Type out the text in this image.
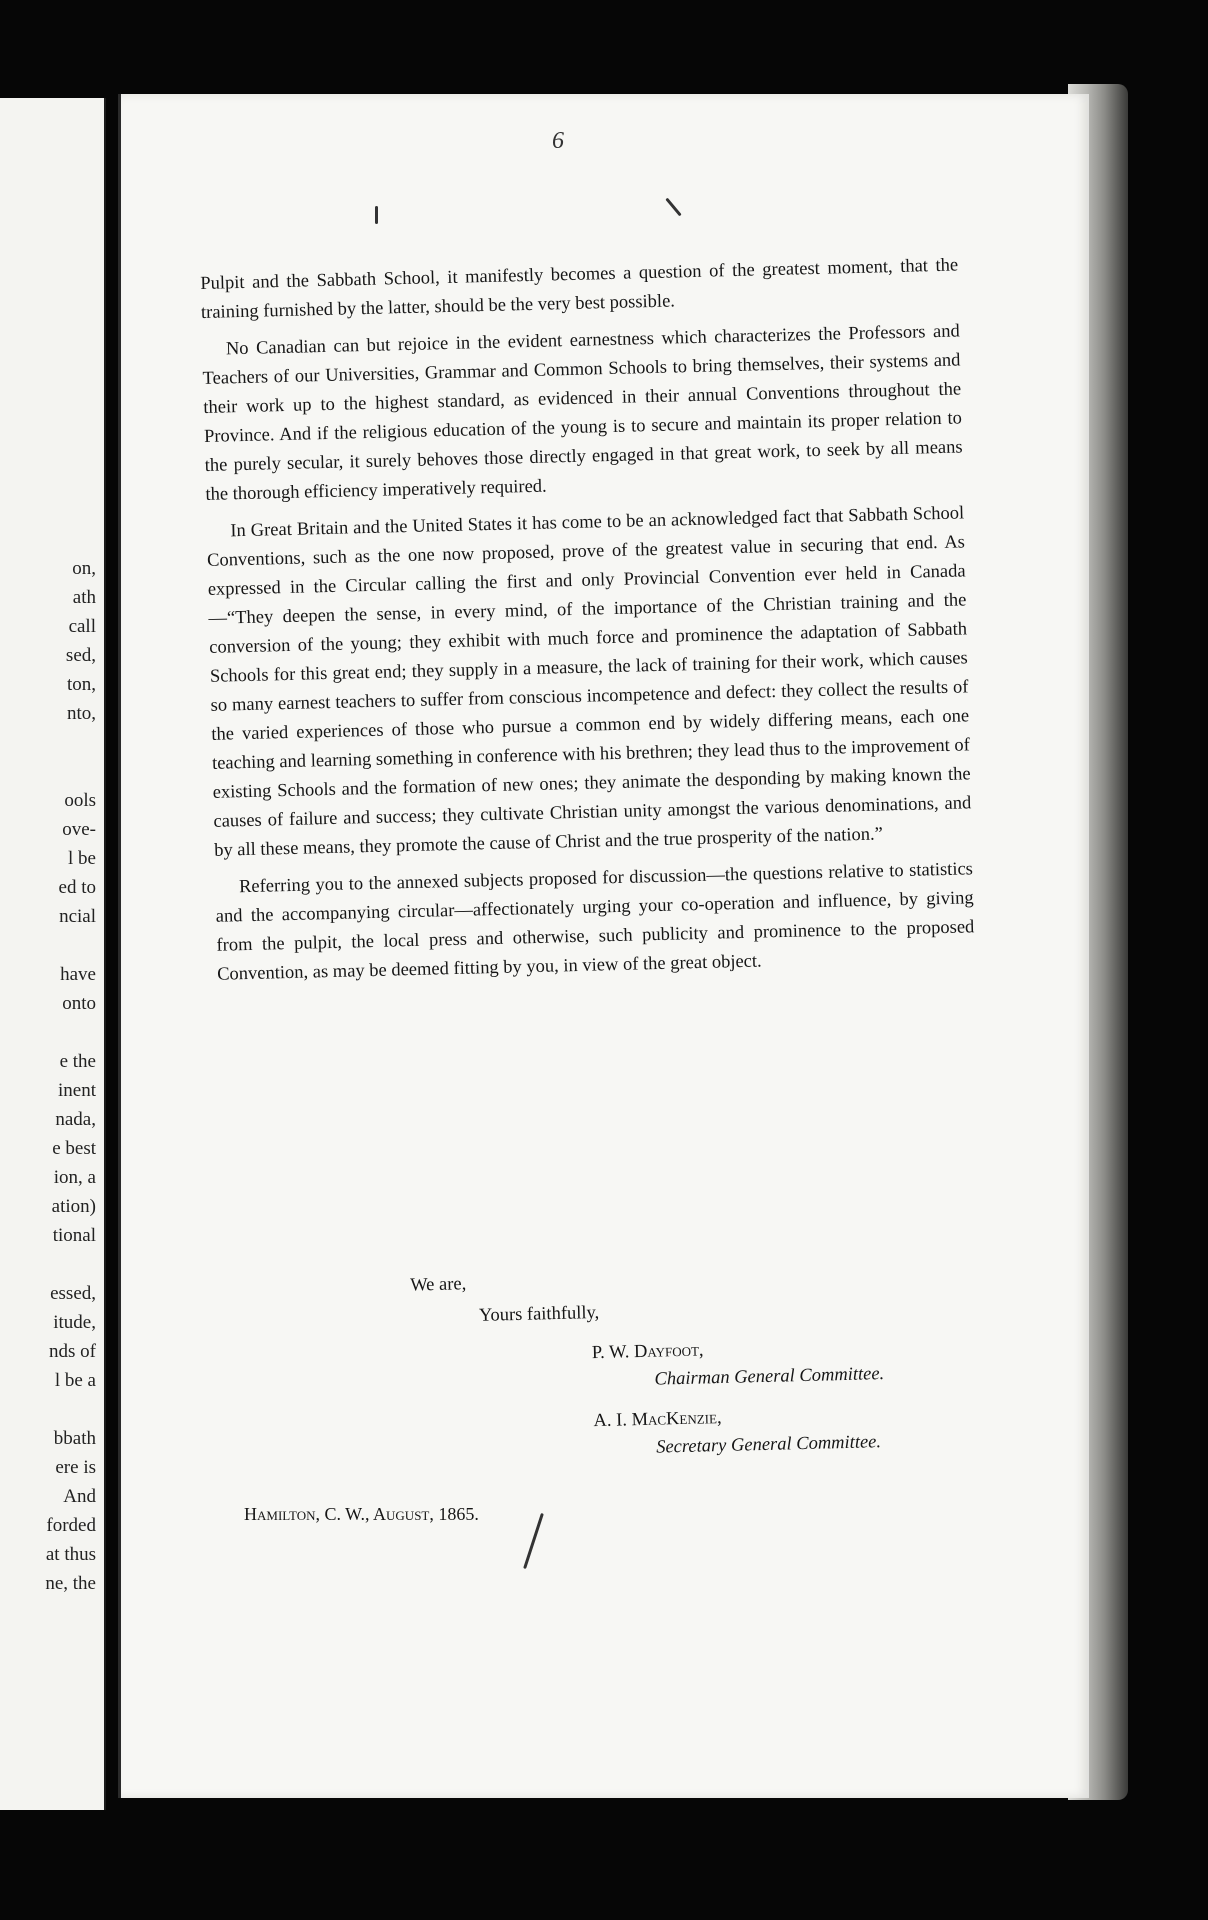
on,
ath
call
sed,
ton,
nto,

ools
ove-
l be
ed to
ncial

have
onto

e the
inent
nada,
e best
ion, a
ation)
tional

essed,
itude,
nds of
l be a

bbath
ere is
And
forded
at thus
ne, the
6

Pulpit and the Sabbath School, it manifestly becomes a question of the greatest moment, that the training furnished by the latter, should be the very best possible.

No Canadian can but rejoice in the evident earnestness which characterizes the Professors and Teachers of our Universities, Grammar and Common Schools to bring themselves, their systems and their work up to the highest standard, as evidenced in their annual Conventions throughout the Province. And if the religious education of the young is to secure and maintain its proper relation to the purely secular, it surely behoves those directly engaged in that great work, to seek by all means the thorough efficiency imperatively required.

In Great Britain and the United States it has come to be an acknowledged fact that Sabbath School Conventions, such as the one now proposed, prove of the greatest value in securing that end. As expressed in the Circular calling the first and only Provincial Convention ever held in Canada—“They deepen the sense, in every mind, of the importance of the Christian training and the conversion of the young; they exhibit with much force and prominence the adaptation of Sabbath Schools for this great end; they supply in a measure, the lack of training for their work, which causes so many earnest teachers to suffer from conscious incompetence and defect: they collect the results of the varied experiences of those who pursue a common end by widely differing means, each one teaching and learning something in conference with his brethren; they lead thus to the improvement of existing Schools and the formation of new ones; they animate the desponding by making known the causes of failure and success; they cultivate Christian unity amongst the various denominations, and by all these means, they promote the cause of Christ and the true prosperity of the nation.”

Referring you to the annexed subjects proposed for discussion—the questions relative to statistics and the accompanying circular—affectionately urging your co-operation and influence, by giving from the pulpit, the local press and otherwise, such publicity and prominence to the proposed Convention, as may be deemed fitting by you, in view of the great object.

We are,
Yours faithfully,
P. W. Dayfoot,
Chairman General Committee.
A. I. MacKenzie,
Secretary General Committee.
Hamilton, C. W., August, 1865.
